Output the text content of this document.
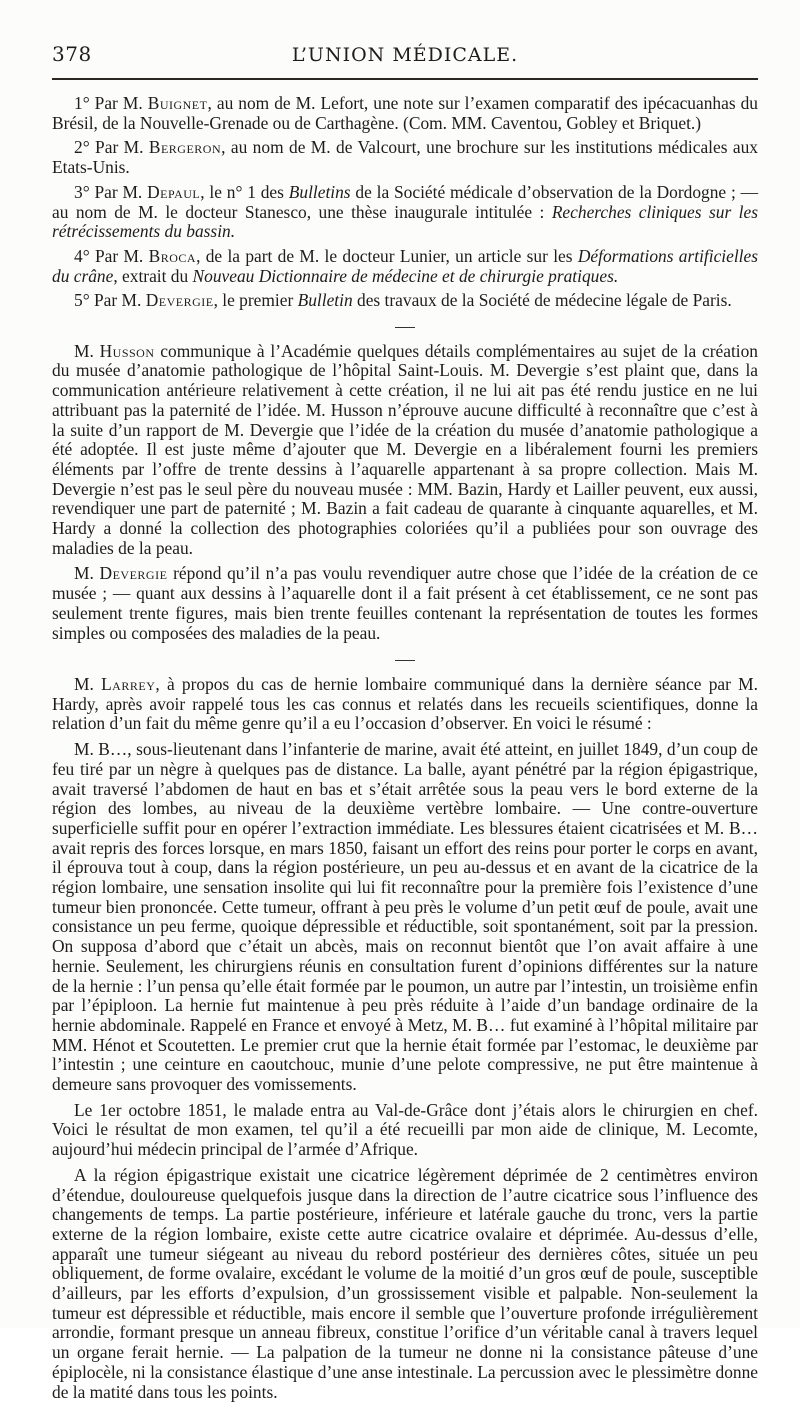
378	L’UNION MÉDICALE.

1° Par M. Buignet, au nom de M. Lefort, une note sur l’examen comparatif des ipécacuanhas du Brésil, de la Nouvelle-Grenade ou de Carthagène. (Com. MM. Caventou, Gobley et Briquet.)

2° Par M. Bergeron, au nom de M. de Valcourt, une brochure sur les institutions médicales aux Etats-Unis.

3° Par M. Depaul, le n° 1 des Bulletins de la Société médicale d’observation de la Dordogne ; — au nom de M. le docteur Stanesco, une thèse inaugurale intitulée : Recherches cliniques sur les rétrécissements du bassin.

4° Par M. Broca, de la part de M. le docteur Lunier, un article sur les Déformations artificielles du crâne, extrait du Nouveau Dictionnaire de médecine et de chirurgie pratiques.

5° Par M. Devergie, le premier Bulletin des travaux de la Société de médecine légale de Paris.

M. Husson communique à l’Académie quelques détails complémentaires au sujet de la création du musée d’anatomie pathologique de l’hôpital Saint-Louis. M. Devergie s’est plaint que, dans la communication antérieure relativement à cette création, il ne lui ait pas été rendu justice en ne lui attribuant pas la paternité de l’idée. M. Husson n’éprouve aucune difficulté à reconnaître que c’est à la suite d’un rapport de M. Devergie que l’idée de la création du musée d’anatomie pathologique a été adoptée. Il est juste même d’ajouter que M. Devergie en a libéralement fourni les premiers éléments par l’offre de trente dessins à l’aquarelle appartenant à sa propre collection. Mais M. Devergie n’est pas le seul père du nouveau musée : MM. Bazin, Hardy et Lailler peuvent, eux aussi, revendiquer une part de paternité ; M. Bazin a fait cadeau de quarante à cinquante aquarelles, et M. Hardy a donné la collection des photographies coloriées qu’il a publiées pour son ouvrage des maladies de la peau.

M. Devergie répond qu’il n’a pas voulu revendiquer autre chose que l’idée de la création de ce musée ; — quant aux dessins à l’aquarelle dont il a fait présent à cet établissement, ce ne sont pas seulement trente figures, mais bien trente feuilles contenant la représentation de toutes les formes simples ou composées des maladies de la peau.

M. Larrey, à propos du cas de hernie lombaire communiqué dans la dernière séance par M. Hardy, après avoir rappelé tous les cas connus et relatés dans les recueils scientifiques, donne la relation d’un fait du même genre qu’il a eu l’occasion d’observer. En voici le résumé :

M. B…, sous-lieutenant dans l’infanterie de marine, avait été atteint, en juillet 1849, d’un coup de feu tiré par un nègre à quelques pas de distance. La balle, ayant pénétré par la région épigastrique, avait traversé l’abdomen de haut en bas et s’était arrêtée sous la peau vers le bord externe de la région des lombes, au niveau de la deuxième vertèbre lombaire. — Une contre-ouverture superficielle suffit pour en opérer l’extraction immédiate. Les blessures étaient cicatrisées et M. B… avait repris des forces lorsque, en mars 1850, faisant un effort des reins pour porter le corps en avant, il éprouva tout à coup, dans la région postérieure, un peu au-dessus et en avant de la cicatrice de la région lombaire, une sensation insolite qui lui fit reconnaître pour la première fois l’existence d’une tumeur bien prononcée. Cette tumeur, offrant à peu près le volume d’un petit œuf de poule, avait une consistance un peu ferme, quoique dépressible et réductible, soit spontanément, soit par la pression. On supposa d’abord que c’était un abcès, mais on reconnut bientôt que l’on avait affaire à une hernie. Seulement, les chirurgiens réunis en consultation furent d’opinions différentes sur la nature de la hernie : l’un pensa qu’elle était formée par le poumon, un autre par l’intestin, un troisième enfin par l’épiploon. La hernie fut maintenue à peu près réduite à l’aide d’un bandage ordinaire de la hernie abdominale. Rappelé en France et envoyé à Metz, M. B… fut examiné à l’hôpital militaire par MM. Hénot et Scoutetten. Le premier crut que la hernie était formée par l’estomac, le deuxième par l’intestin ; une ceinture en caoutchouc, munie d’une pelote compressive, ne put être maintenue à demeure sans provoquer des vomissements.

Le 1er octobre 1851, le malade entra au Val-de-Grâce dont j’étais alors le chirurgien en chef. Voici le résultat de mon examen, tel qu’il a été recueilli par mon aide de clinique, M. Lecomte, aujourd’hui médecin principal de l’armée d’Afrique.

A la région épigastrique existait une cicatrice légèrement déprimée de 2 centimètres environ d’étendue, douloureuse quelquefois jusque dans la direction de l’autre cicatrice sous l’influence des changements de temps. La partie postérieure, inférieure et latérale gauche du tronc, vers la partie externe de la région lombaire, existe cette autre cicatrice ovalaire et déprimée. Au-dessus d’elle, apparaît une tumeur siégeant au niveau du rebord postérieur des dernières côtes, située un peu obliquement, de forme ovalaire, excédant le volume de la moitié d’un gros œuf de poule, susceptible d’ailleurs, par les efforts d’expulsion, d’un grossissement visible et palpable. Non-seulement la tumeur est dépressible et réductible, mais encore il semble que l’ouverture profonde irrégulièrement arrondie, formant presque un anneau fibreux, constitue l’orifice d’un véritable canal à travers lequel un organe ferait hernie. — La palpation de la tumeur ne donne ni la consistance pâteuse d’une épiplocèle, ni la consistance élastique d’une anse intestinale. La percussion avec le plessimètre donne de la matité dans tous les points.
